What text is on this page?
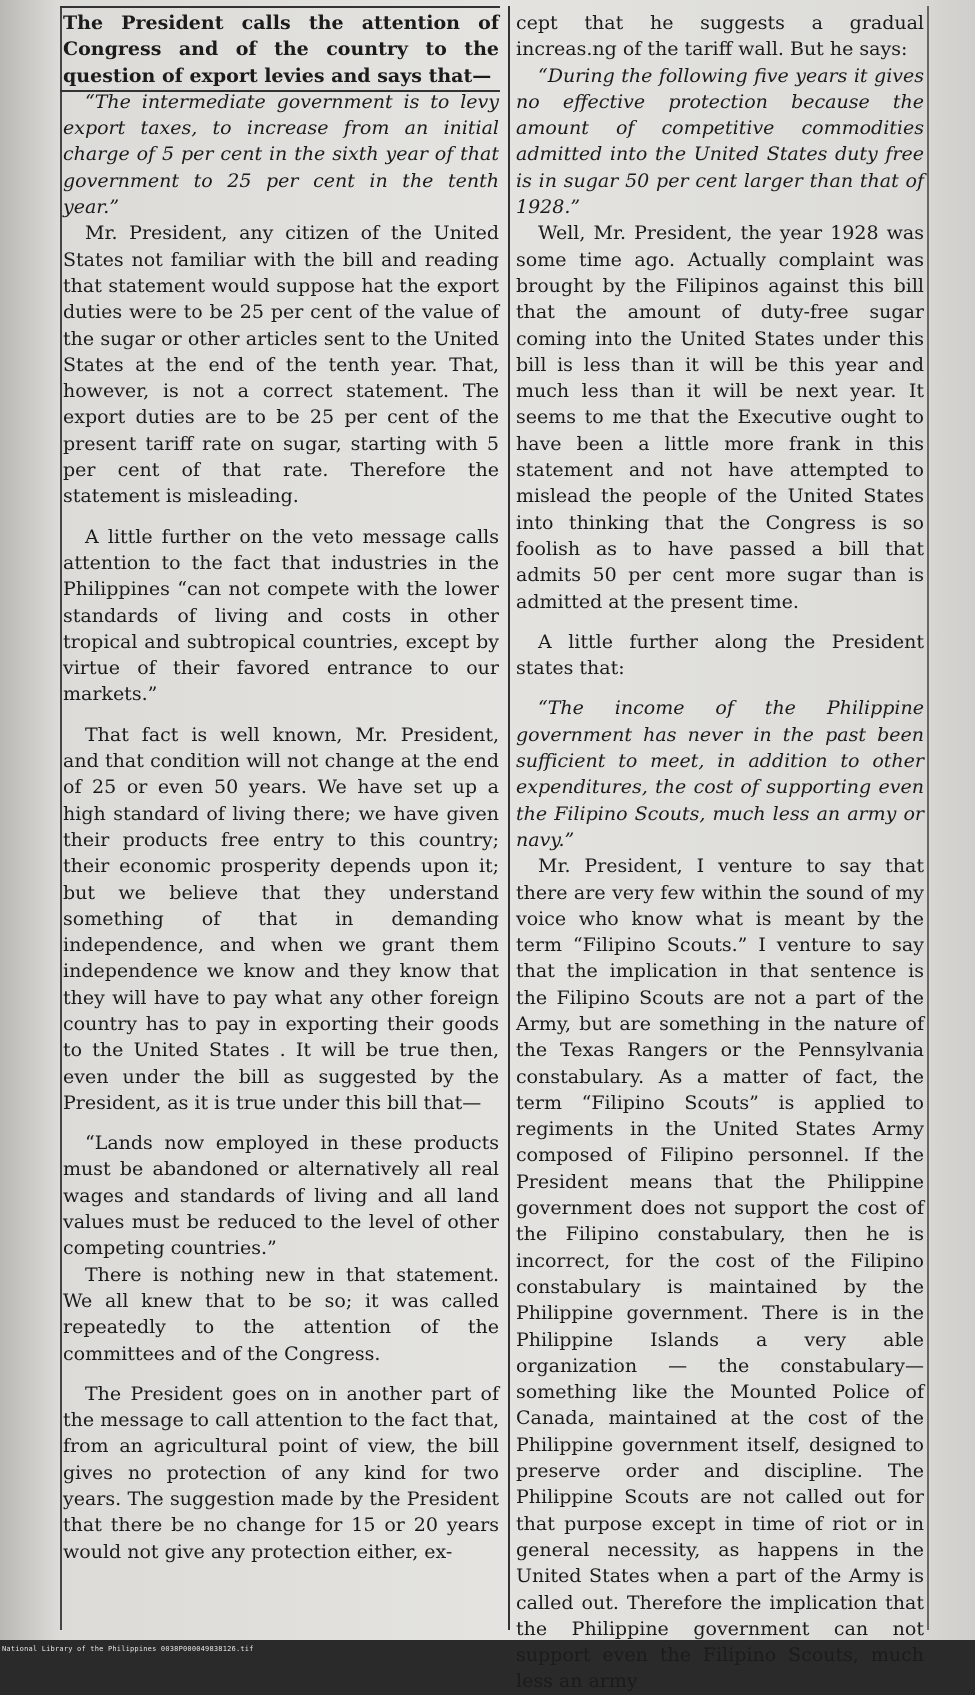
The President calls the attention of Congress and of the country to the question of export levies and says that—

“The intermediate government is to levy export taxes, to increase from an initial charge of 5 per cent in the sixth year of that government to 25 per cent in the tenth year.”

Mr. President, any citizen of the United States not familiar with the bill and reading that statement would suppose hat the export duties were to be 25 per cent of the value of the sugar or other articles sent to the United States at the end of the tenth year. That, however, is not a correct statement. The export duties are to be 25 per cent of the present tariff rate on sugar, starting with 5 per cent of that rate. Therefore the statement is misleading.

A little further on the veto message calls attention to the fact that industries in the Philippines “can not compete with the lower standards of living and costs in other tropical and subtropical countries, except by virtue of their favored entrance to our markets.”

That fact is well known, Mr. President, and that condition will not change at the end of 25 or even 50 years. We have set up a high standard of living there; we have given their products free entry to this country; their economic prosperity depends upon it; but we believe that they understand something of that in demanding independence, and when we grant them independence we know and they know that they will have to pay what any other foreign country has to pay in exporting their goods to the United States . It will be true then, even under the bill as suggested by the President, as it is true under this bill that—

“Lands now employed in these products must be abandoned or alternatively all real wages and standards of living and all land values must be reduced to the level of other competing countries.”

There is nothing new in that statement. We all knew that to be so; it was called repeatedly to the attention of the committees and of the Congress.

The President goes on in another part of the message to call attention to the fact that, from an agricultural point of view, the bill gives no protection of any kind for two years. The suggestion made by the President that there be no change for 15 or 20 years would not give any protection either, ex-

cept that he suggests a gradual increas.ng of the tariff wall. But he says:

“During the following five years it gives no effective protection because the amount of competitive commodities admitted into the United States duty free is in sugar 50 per cent larger than that of 1928.”

Well, Mr. President, the year 1928 was some time ago. Actually complaint was brought by the Filipinos against this bill that the amount of duty-free sugar coming into the United States under this bill is less than it will be this year and much less than it will be next year. It seems to me that the Executive ought to have been a little more frank in this statement and not have attempted to mislead the people of the United States into thinking that the Congress is so foolish as to have passed a bill that admits 50 per cent more sugar than is admitted at the present time.

A little further along the President states that:

“The income of the Philippine government has never in the past been sufficient to meet, in addition to other expenditures, the cost of supporting even the Filipino Scouts, much less an army or navy.”

Mr. President, I venture to say that there are very few within the sound of my voice who know what is meant by the term “Filipino Scouts.” I venture to say that the implication in that sentence is the Filipino Scouts are not a part of the Army, but are something in the nature of the Texas Rangers or the Pennsylvania constabulary. As a matter of fact, the term “Filipino Scouts” is applied to regiments in the United States Army composed of Filipino personnel. If the President means that the Philippine government does not support the cost of the Filipino constabulary, then he is incorrect, for the cost of the Filipino constabulary is maintained by the Philippine government. There is in the Philippine Islands a very able organization — the constabulary— something like the Mounted Police of Canada, maintained at the cost of the Philippine government itself, designed to preserve order and discipline. The Philippine Scouts are not called out for that purpose except in time of riot or in general necessity, as happens in the United States when a part of the Army is called out. Therefore the implication that the Philippine government can not support even the Filipino Scouts, much less an army

National Library of the Philippines 0038P000049838126.tif
